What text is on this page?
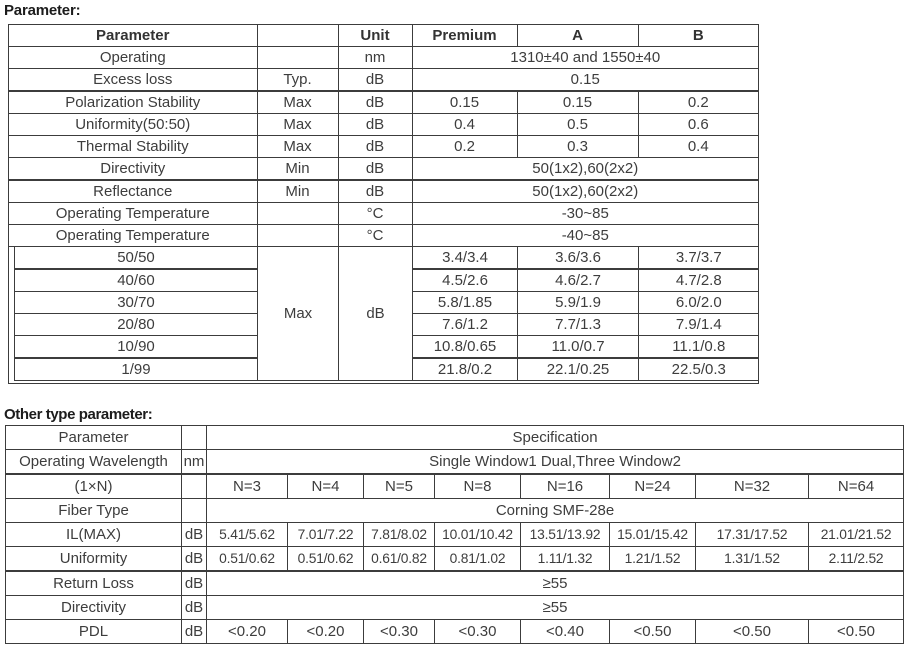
Parameter:
Parameter		Unit	Premium	A	B
Operating		nm	1310±40 and 1550±40		
Excess loss	Typ.	dB	0.15		
Polarization Stability	Max	dB	0.15	0.15	0.2
Uniformity(50:50)	Max	dB	0.4	0.5	0.6
Thermal Stability	Max	dB	0.2	0.3	0.4
Directivity	Min	dB	50(1x2),60(2x2)		
Reflectance	Min	dB	50(1x2),60(2x2)		
Operating Temperature		°C	-30~85		
Operating Temperature		°C	-40~85		
50/50	Max	dB	3.4/3.4	3.6/3.6	3.7/3.7
40/60			4.5/2.6	4.6/2.7	4.7/2.8
30/70			5.8/1.85	5.9/1.9	6.0/2.0
20/80			7.6/1.2	7.7/1.3	7.9/1.4
10/90			10.8/0.65	11.0/0.7	11.1/0.8
1/99			21.8/0.2	22.1/0.25	22.5/0.3
Other type parameter:
Parameter		Specification							
Operating Wavelength	nm	Single Window1 Dual,Three Window2							
(1×N)		N=3	N=4	N=5	N=8	N=16	N=24	N=32	N=64
Fiber Type		Corning SMF-28e							
IL(MAX)	dB	5.41/5.62	7.01/7.22	7.81/8.02	10.01/10.42	13.51/13.92	15.01/15.42	17.31/17.52	21.01/21.52
Uniformity	dB	0.51/0.62	0.51/0.62	0.61/0.82	0.81/1.02	1.11/1.32	1.21/1.52	1.31/1.52	2.11/2.52
Return Loss	dB	≥55							
Directivity	dB	≥55							
PDL	dB	<0.20	<0.20	<0.30	<0.30	<0.40	<0.50	<0.50	<0.50
